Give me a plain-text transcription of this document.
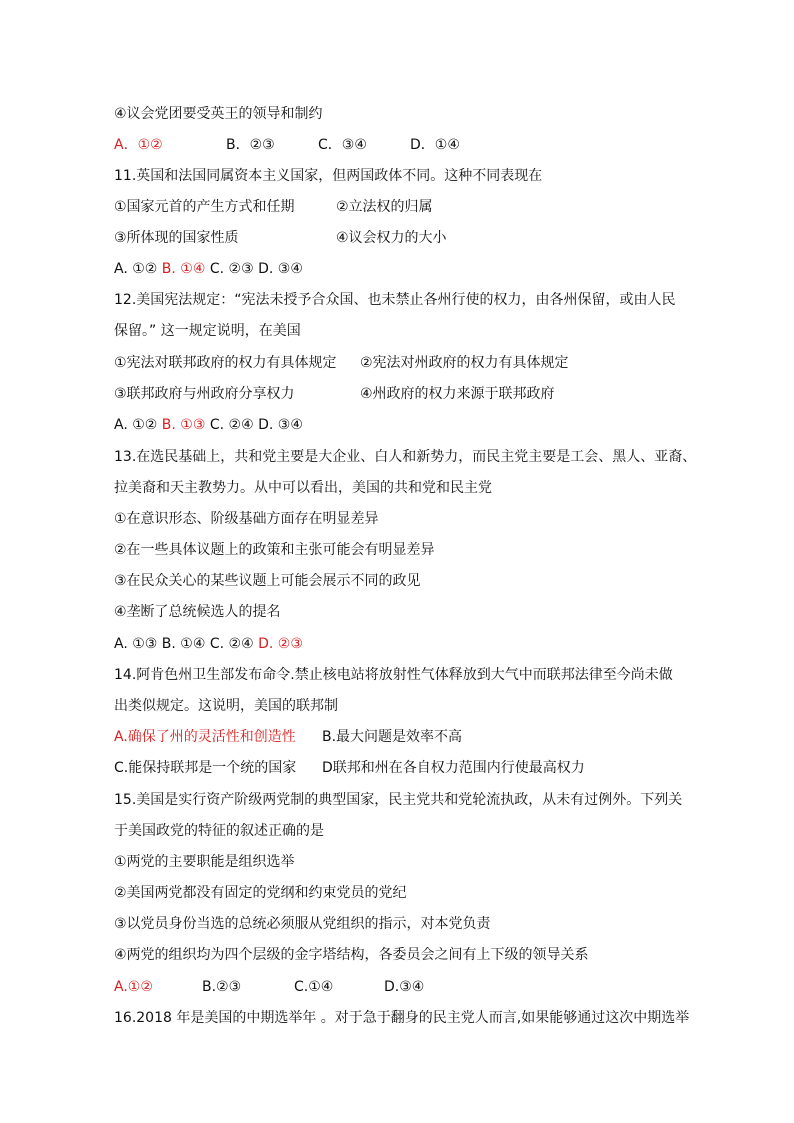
④议会党团要受英王的领导和制约
A．①②	B．②③	C．③④	D．①④
11.英国和法国同属资本主义国家，但两国政体不同。这种不同表现在
①国家元首的产生方式和任期	②立法权的归属
③所体现的国家性质	④议会权力的大小
A. ①② B. ①④ C. ②③ D. ③④
12.美国宪法规定：“宪法未授予合众国、也未禁止各州行使的权力，由各州保留，或由人民
保留。” 这一规定说明，在美国
①宪法对联邦政府的权力有具体规定 ②宪法对州政府的权力有具体规定
③联邦政府与州政府分享权力	④州政府的权力来源于联邦政府
A. ①② B. ①③ C. ②④ D. ③④
13.在选民基础上，共和党主要是大企业、白人和新势力，而民主党主要是工会、黑人、亚裔、
拉美裔和天主教势力。从中可以看出，美国的共和党和民主党
①在意识形态、阶级基础方面存在明显差异
②在一些具体议题上的政策和主张可能会有明显差异
③在民众关心的某些议题上可能会展示不同的政见
④垄断了总统候选人的提名
A. ①③ B. ①④ C. ②④ D. ②③
14.阿肯色州卫生部发布命令.禁止核电站将放射性气体释放到大气中而联邦法律至今尚未做
出类似规定。这说明，美国的联邦制
A.确保了州的灵活性和创造性 B.最大问题是效率不高
C.能保持联邦是一个统的国家 D联邦和州在各自权力范围内行使最高权力
15.美国是实行资产阶级两党制的典型国家，民主党共和党轮流执政，从未有过例外。下列关
于美国政党的特征的叙述正确的是
①两党的主要职能是组织选举
②美国两党都没有固定的党纲和约束党员的党纪
③以党员身份当选的总统必须服从党组织的指示，对本党负责
④两党的组织均为四个层级的金字塔结构，各委员会之间有上下级的领导关系
A.①②	B.②③	C.①④	D.③④
16.2018 年是美国的中期选举年 。对于急于翻身的民主党人而言,如果能够通过这次中期选举
